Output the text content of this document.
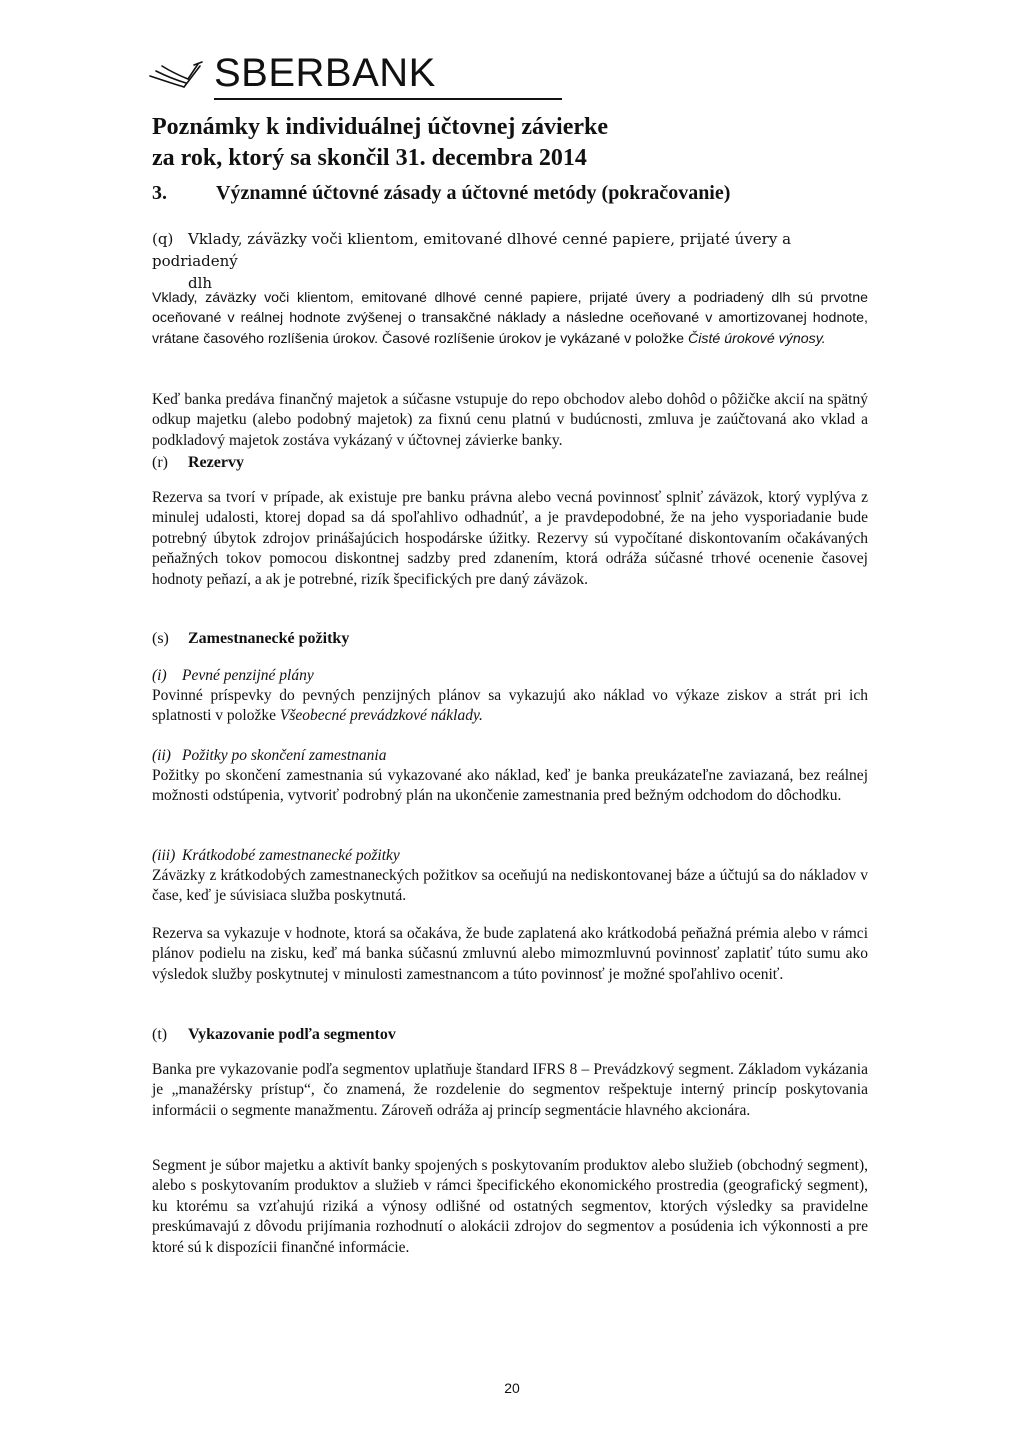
SBERBANK
Poznámky k individuálnej účtovnej závierke
za rok, ktorý sa skončil 31. decembra 2014
3. Významné účtovné zásady a účtovné metódy (pokračovanie)
(q) Vklady, záväzky voči klientom, emitované dlhové cenné papiere, prijaté úvery a podriadený
dlh

Vklady, záväzky voči klientom, emitované dlhové cenné papiere, prijaté úvery a podriadený dlh sú prvotne oceňované v reálnej hodnote zvýšenej o transakčné náklady a následne oceňované v amortizovanej hodnote, vrátane časového rozlíšenia úrokov. Časové rozlíšenie úrokov je vykázané v položke Čisté úrokové výnosy.

Keď banka predáva finančný majetok a súčasne vstupuje do repo obchodov alebo dohôd o pôžičke akcií na spätný odkup majetku (alebo podobný majetok) za fixnú cenu platnú v budúcnosti, zmluva je zaúčtovaná ako vklad a podkladový majetok zostáva vykázaný v účtovnej závierke banky.

(r) Rezervy

Rezerva sa tvorí v prípade, ak existuje pre banku právna alebo vecná povinnosť splniť záväzok, ktorý vyplýva z minulej udalosti, ktorej dopad sa dá spoľahlivo odhadnúť, a je pravdepodobné, že na jeho vysporiadanie bude potrebný úbytok zdrojov prinášajúcich hospodárske úžitky. Rezervy sú vypočítané diskontovaním očakávaných peňažných tokov pomocou diskontnej sadzby pred zdanením, ktorá odráža súčasné trhové ocenenie časovej hodnoty peňazí, a ak je potrebné, rizík špecifických pre daný záväzok.

(s) Zamestnanecké požitky
(i) Pevné penzijné plány

Povinné príspevky do pevných penzijných plánov sa vykazujú ako náklad vo výkaze ziskov a strát pri ich splatnosti v položke Všeobecné prevádzkové náklady.

(ii) Požitky po skončení zamestnania

Požitky po skončení zamestnania sú vykazované ako náklad, keď je banka preukázateľne zaviazaná, bez reálnej možnosti odstúpenia, vytvoriť podrobný plán na ukončenie zamestnania pred bežným odchodom do dôchodku.

(iii) Krátkodobé zamestnanecké požitky

Záväzky z krátkodobých zamestnaneckých požitkov sa oceňujú na nediskontovanej báze a účtujú sa do nákladov v čase, keď je súvisiaca služba poskytnutá.

Rezerva sa vykazuje v hodnote, ktorá sa očakáva, že bude zaplatená ako krátkodobá peňažná prémia alebo v rámci plánov podielu na zisku, keď má banka súčasnú zmluvnú alebo mimozmluvnú povinnosť zaplatiť túto sumu ako výsledok služby poskytnutej v minulosti zamestnancom a túto povinnosť je možné spoľahlivo oceniť.

(t) Vykazovanie podľa segmentov

Banka pre vykazovanie podľa segmentov uplatňuje štandard IFRS 8 – Prevádzkový segment. Základom vykázania je „manažérsky prístup“, čo znamená, že rozdelenie do segmentov rešpektuje interný princíp poskytovania informácii o segmente manažmentu. Zároveň odráža aj princíp segmentácie hlavného akcionára.

Segment je súbor majetku a aktivít banky spojených s poskytovaním produktov alebo služieb (obchodný segment), alebo s poskytovaním produktov a služieb v rámci špecifického ekonomického prostredia (geografický segment), ku ktorému sa vzťahujú riziká a výnosy odlišné od ostatných segmentov, ktorých výsledky sa pravidelne preskúmavajú z dôvodu prijímania rozhodnutí o alokácii zdrojov do segmentov a posúdenia ich výkonnosti a pre ktoré sú k dispozícii finančné informácie.

20
